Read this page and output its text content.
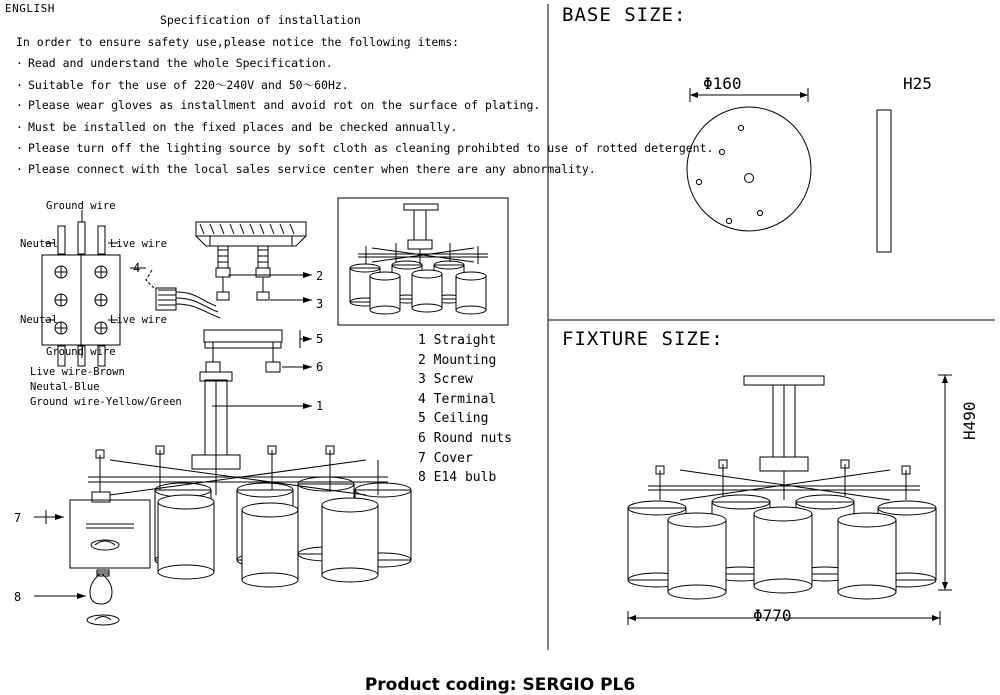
ENGLISH
Specification of installation
In order to ensure safety use,please notice the following items:
· Read and understand the whole Specification.
· Suitable for the use of 220～240V and 50～60Hz.
· Please wear gloves as installment and avoid rot on the surface of plating.
· Must be installed on the fixed places and be checked annually.
· Please turn off the lighting source by soft cloth as cleaning prohibted to use of rotted detergent.
· Please connect with the local sales service center when there are any abnormality.
BASE SIZE:
FIXTURE SIZE:
Φ160	H25
Φ770
H490
Ground wire
Neutal	Live wire
Neutal	Live wire
Ground wire
Live wire-Brown
Neutal-Blue
Ground wire-Yellow/Green
4
2
3
5
6
1
7
8
1 Straight
2 Mounting
3 Screw
4 Terminal
5 Ceiling
6 Round nuts
7 Cover
8 E14 bulb
Product coding: SERGIO PL6
